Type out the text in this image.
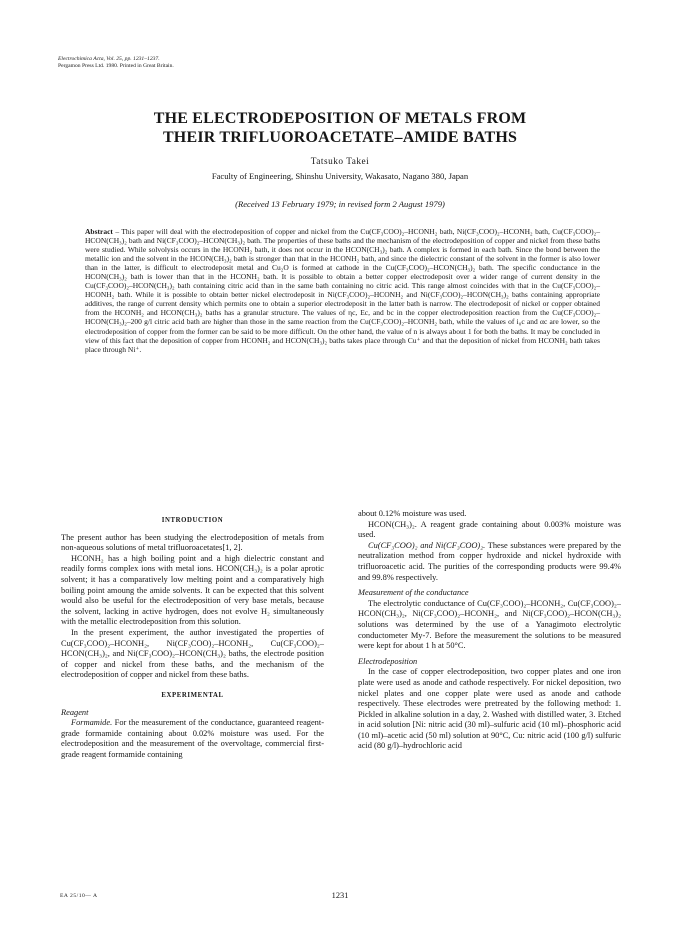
Electrochimica Acta, Vol. 25, pp. 1231–1237.
Pergamon Press Ltd. 1980. Printed in Great Britain.
THE ELECTRODEPOSITION OF METALS FROM
THEIR TRIFLUOROACETATE–AMIDE BATHS
Tatsuko Takei
Faculty of Engineering, Shinshu University, Wakasato, Nagano 380, Japan
(Received 13 February 1979; in revised form 2 August 1979)
Abstract – This paper will deal with the electrodeposition of copper and nickel from the Cu(CF₃COO)₂–HCONH₂ bath, Ni(CF₃COO)₂–HCONH₂ bath, Cu(CF₃COO)₂–HCON(CH₃)₂ bath and Ni(CF₃COO)₂–HCON(CH₃)₂ bath. The properties of these baths and the mechanism of the electrodeposition of copper and nickel from these baths were studied. While solvolysis occurs in the HCONH₂ bath, it does not occur in the HCON(CH₃)₂ bath. A complex is formed in each bath. Since the bond between the metallic ion and the solvent in the HCON(CH₃)₂ bath is stronger than that in the HCONH₂ bath, and since the dielectric constant of the solvent in the former is also lower than in the latter, is difficult to electrodeposit metal and Cu₂O is formed at cathode in the Cu(CF₃COO)₂–HCON(CH₃)₂ bath. The specific conductance in the HCON(CH₃)₂ bath is lower than that in the HCONH₂ bath. It is possible to obtain a better copper electrodeposit over a wider range of current density in the Cu(CF₃COO)₂–HCON(CH₃)₂ bath containing citric acid than in the same bath containing no citric acid. This range almost coincides with that in the Cu(CF₃COO)₂–HCONH₂ bath. While it is possible to obtain better nickel electrodeposit in Ni(CF₃COO)₂–HCONH₂ and Ni(CF₃COO)₂–HCON(CH₃)₂ baths containing appropriate additives, the range of current density which permits one to obtain a superior electrodeposit in the latter bath is narrow. The electrodeposit of nickel or copper obtained from the HCONH₂ and HCON(CH₃)₂ baths has a granular structure. The values of ηc, Ec, and bc in the copper electrodeposition reaction from the Cu(CF₃COO)₂–HCON(CH₃)₂–200 g/l citric acid bath are higher than those in the same reaction from the Cu(CF₃COO)₂–HCONH₂ bath, while the values of i₀c and αc are lower, so the electrodeposition of copper from the former can be said to be more difficult. On the other hand, the value of n is always about 1 for both the baths. It may be concluded in view of this fact that the deposition of copper from HCONH₂ and HCON(CH₃)₂ baths takes place through Cu⁺ and that the deposition of nickel from HCONH₂ bath takes place through Ni⁺.
INTRODUCTION

The present author has been studying the electrodeposition of metals from non-aqueous solutions of metal trifluoroacetates[1, 2].

HCONH₂ has a high boiling point and a high dielectric constant and readily forms complex ions with metal ions. HCON(CH₃)₂ is a polar aprotic solvent; it has a comparatively low melting point and a comparatively high boiling point amoung the amide solvents. It can be expected that this solvent would also be useful for the electrodeposition of very base metals, because the solvent, lacking in active hydrogen, does not evolve H₂ simultaneously with the metallic electrodeposition from this solution.

In the present experiment, the author investigated the properties of Cu(CF₃COO)₂–HCONH₂, Ni(CF₃COO)₂–HCONH₂, Cu(CF₃COO)₂–HCON(CH₃)₂, and Ni(CF₃COO)₂–HCON(CH₃)₂ baths, the electrode position of copper and nickel from these baths, and the mechanism of the electrodeposition of copper and nickel from these baths.

EXPERIMENTAL
Reagent

Formamide. For the measurement of the conductance, guaranteed reagent-grade formamide containing about 0.02% moisture was used. For the electrodeposition and the measurement of the overvoltage, commercial first-grade reagent formamide containing

about 0.12% moisture was used.

HCON(CH₃)₂. A reagent grade containing about 0.003% moisture was used.

Cu(CF₃COO)₂ and Ni(CF₃COO)₂. These substances were prepared by the neutralization method from copper hydroxide and nickel hydroxide with trifluoroacetic acid. The purities of the corresponding products were 99.4% and 99.8% respectively.

Measurement of the conductance

The electrolytic conductance of Cu(CF₃COO)₂–HCONH₂, Cu(CF₃COO)₂–HCON(CH₃)₂, Ni(CF₃COO)₂–HCONH₂, and Ni(CF₃COO)₂–HCON(CH₃)₂ solutions was determined by the use of a Yanagimoto electrolytic conductometer My-7. Before the measurement the solutions to be measured were kept for about 1 h at 50°C.

Electrodeposition

In the case of copper electrodeposition, two copper plates and one iron plate were used as anode and cathode respectively. For nickel deposition, two nickel plates and one copper plate were used as anode and cathode respectively. These electrodes were pretreated by the following method: 1. Pickled in alkaline solution in a day, 2. Washed with distilled water, 3. Etched in acid solution [Ni: nitric acid (30 ml)–sulfuric acid (10 ml)–phosphoric acid (10 ml)–acetic acid (50 ml) solution at 90°C, Cu: nitric acid (100 g/l) sulfuric acid (80 g/l)–hydrochloric acid

EA 25/10— A	1231
